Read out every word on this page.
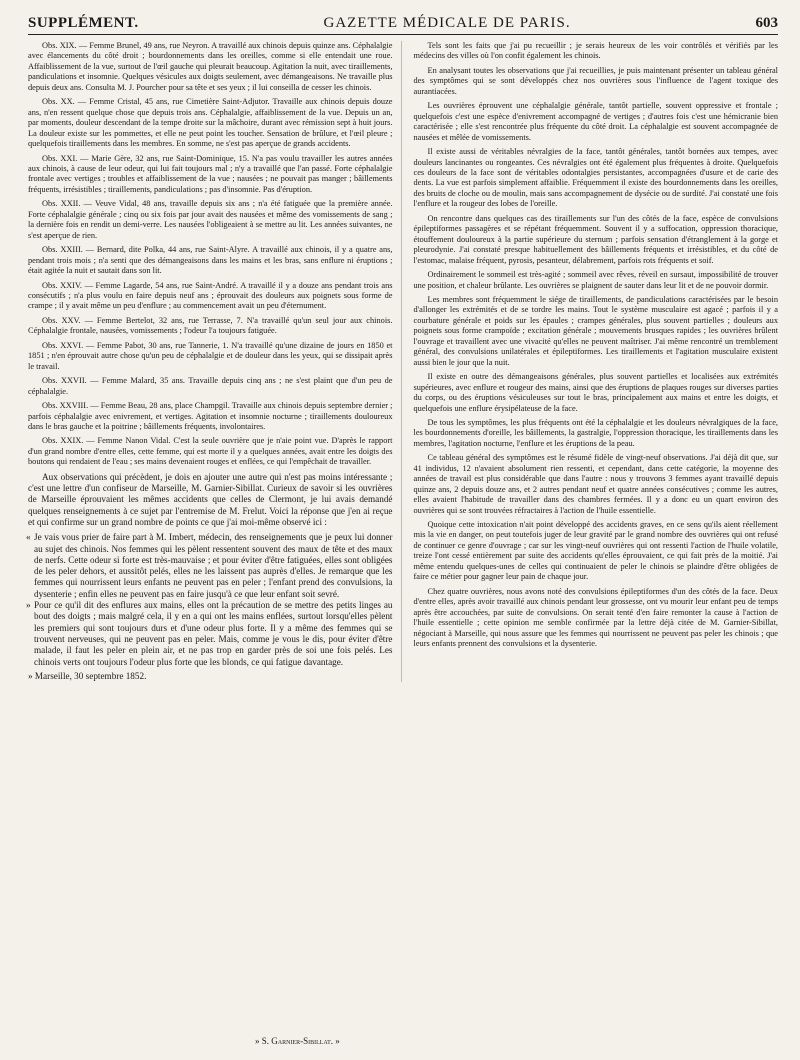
SUPPLÉMENT.	GAZETTE MÉDICALE DE PARIS.	603

Obs. XIX. — Femme Brunel, 49 ans, rue Neyron. A travaillé aux chinois depuis quinze ans. Céphalalgie avec élancements du côté droit ; bourdonnements dans les oreilles, comme si elle entendait une roue. Affaiblissement de la vue, surtout de l'œil gauche qui pleurait beaucoup. Agitation la nuit, avec tiraillements, pandiculations et insomnie. Quelques vésicules aux doigts seulement, avec démangeaisons. Ne travaille plus depuis deux ans. Consulta M. J. Pourcher pour sa tête et ses yeux ; il lui conseilla de cesser les chinois.

Obs. XX. — Femme Cristal, 45 ans, rue Cimetière Saint-Adjutor. Travaille aux chinois depuis douze ans, n'en ressent quelque chose que depuis trois ans. Céphalalgie, affaiblissement de la vue. Depuis un an, par moments, douleur descendant de la tempe droite sur la mâchoire, durant avec rémission sept à huit jours. La douleur existe sur les pommettes, et elle ne peut point les toucher. Sensation de brûlure, et l'œil pleure ; quelquefois tiraillements dans les membres. En somme, ne s'est pas aperçue de grands accidents.

Obs. XXI. — Marie Gère, 32 ans, rue Saint-Dominique, 15. N'a pas voulu travailler les autres années aux chinois, à cause de leur odeur, qui lui fait toujours mal ; n'y a travaillé que l'an passé. Forte céphalalgie frontale avec vertiges ; troubles et affaiblissement de la vue ; nausées ; ne pouvait pas manger ; bâillements fréquents, irrésistibles ; tiraillements, pandiculations ; pas d'insomnie. Pas d'éruption.

Obs. XXII. — Veuve Vidal, 48 ans, travaille depuis six ans ; n'a été fatiguée que la première année. Forte céphalalgie générale ; cinq ou six fois par jour avait des nausées et même des vomissements de sang ; la dernière fois en rendit un demi-verre. Les nausées l'obligeaient à se mettre au lit. Les années suivantes, ne s'est aperçue de rien.

Obs. XXIII. — Bernard, dite Polka, 44 ans, rue Saint-Alyre. A travaillé aux chinois, il y a quatre ans, pendant trois mois ; n'a senti que des démangeaisons dans les mains et les bras, sans enflure ni éruptions ; était agitée la nuit et sautait dans son lit.

Obs. XXIV. — Femme Lagarde, 54 ans, rue Saint-André. A travaillé il y a douze ans pendant trois ans consécutifs ; n'a plus voulu en faire depuis neuf ans ; éprouvait des douleurs aux poignets sous forme de crampe ; il y avait même un peu d'enflure ; au commencement avait un peu d'éternument.

Obs. XXV. — Femme Bertelot, 32 ans, rue Terrasse, 7. N'a travaillé qu'un seul jour aux chinois. Céphalalgie frontale, nausées, vomissements ; l'odeur l'a toujours fatiguée.

Obs. XXVI. — Femme Pabot, 30 ans, rue Tannerie, 1. N'a travaillé qu'une dizaine de jours en 1850 et 1851 ; n'en éprouvait autre chose qu'un peu de céphalalgie et de douleur dans les yeux, qui se dissipait après le travail.

Obs. XXVII. — Femme Malard, 35 ans. Travaille depuis cinq ans ; ne s'est plaint que d'un peu de céphalalgie.

Obs. XXVIII. — Femme Beau, 28 ans, place Champgil. Travaille aux chinois depuis septembre dernier ; parfois céphalalgie avec enivrement, et vertiges. Agitation et insomnie nocturne ; tiraillements douloureux dans le bras gauche et la poitrine ; bâillements fréquents, involontaires.

Obs. XXIX. — Femme Nanon Vidal. C'est la seule ouvrière que je n'aie point vue. D'après le rapport d'un grand nombre d'entre elles, cette femme, qui est morte il y a quelques années, avait entre les doigts des boutons qui rendaient de l'eau ; ses mains devenaient rouges et enflées, ce qui l'empêchait de travailler.

Aux observations qui précèdent, je dois en ajouter une autre qui n'est pas moins intéressante ; c'est une lettre d'un confiseur de Marseille, M. Garnier-Sibillat. Curieux de savoir si les ouvrières de Marseille éprouvaient les mêmes accidents que celles de Clermont, je lui avais demandé quelques renseignements à ce sujet par l'entremise de M. Frelut. Voici la réponse que j'en ai reçue et qui confirme sur un grand nombre de points ce que j'ai moi-même observé ici :

« Je vais vous prier de faire part à M. Imbert, médecin, des renseignements que je peux lui donner au sujet des chinois. Nos femmes qui les pèlent ressentent souvent des maux de tête et des maux de nerfs. Cette odeur si forte est très-mauvaise ; et pour éviter d'être fatiguées, elles sont obligées de les peler dehors, et aussitôt pelés, elles ne les laissent pas auprès d'elles. Je remarque que les femmes qui nourrissent leurs enfants ne peuvent pas en peler ; l'enfant prend des convulsions, la dysenterie ; enfin elles ne peuvent pas en faire jusqu'à ce que leur enfant soit sevré.

» Pour ce qu'il dit des enflures aux mains, elles ont la précaution de se mettre des petits linges au bout des doigts ; mais malgré cela, il y en a qui ont les mains enflées, surtout lorsqu'elles pèlent les premiers qui sont toujours durs et d'une odeur plus forte. Il y a même des femmes qui se trouvent nerveuses, qui ne peuvent pas en peler. Mais, comme je vous le dis, pour éviter d'être malade, il faut les peler en plein air, et ne pas trop en garder près de soi une fois pelés. Les chinois verts ont toujours l'odeur plus forte que les blonds, ce qui fatigue davantage.

» Marseille, 30 septembre 1852.

Tels sont les faits que j'ai pu recueillir ; je serais heureux de les voir contrôlés et vérifiés par les médecins des villes où l'on confit également les chinois.

En analysant toutes les observations que j'ai recueillies, je puis maintenant présenter un tableau général des symptômes qui se sont développés chez nos ouvrières sous l'influence de l'agent toxique des aurantiacées.

Les ouvrières éprouvent une céphalalgie générale, tantôt partielle, souvent oppressive et frontale ; quelquefois c'est une espèce d'enivrement accompagné de vertiges ; d'autres fois c'est une hémicranie bien caractérisée ; elle s'est rencontrée plus fréquente du côté droit. La céphalalgie est souvent accompagnée de nausées et mêlée de vomissements.

Il existe aussi de véritables névralgies de la face, tantôt générales, tantôt bornées aux tempes, avec douleurs lancinantes ou rongeantes. Ces névralgies ont été également plus fréquentes à droite. Quelquefois ces douleurs de la face sont de véritables odontalgies persistantes, accompagnées d'usure et de carie des dents. La vue est parfois simplement affaiblie. Fréquemment il existe des bourdonnements dans les oreilles, des bruits de cloche ou de moulin, mais sans accompagnement de dysécie ou de surdité. J'ai constaté une fois l'enflure et la rougeur des lobes de l'oreille.

On rencontre dans quelques cas des tiraillements sur l'un des côtés de la face, espèce de convulsions épileptiformes passagères et se répétant fréquemment. Souvent il y a suffocation, oppression thoracique, étouffement douloureux à la partie supérieure du sternum ; parfois sensation d'étranglement à la gorge et pleurodynie. J'ai constaté presque habituellement des bâillements fréquents et irrésistibles, et du côté de l'estomac, malaise fréquent, pyrosis, pesanteur, délabrement, parfois rots fréquents et soif.

Ordinairement le sommeil est très-agité ; sommeil avec rêves, réveil en sursaut, impossibilité de trouver une position, et chaleur brûlante. Les ouvrières se plaignent de sauter dans leur lit et de ne pouvoir dormir.

Les membres sont fréquemment le siége de tiraillements, de pandiculations caractérisées par le besoin d'allonger les extrémités et de se tordre les mains. Tout le système musculaire est agacé ; parfois il y a courbature générale et poids sur les épaules ; crampes générales, plus souvent partielles ; douleurs aux poignets sous forme crampoïde ; excitation générale ; mouvements brusques rapides ; les ouvrières brûlent l'ouvrage et travaillent avec une vivacité qu'elles ne peuvent maîtriser. J'ai même rencontré un tremblement général, des convulsions unilatérales et épileptiformes. Les tiraillements et l'agitation musculaire existent aussi bien le jour que la nuit.

Il existe en outre des démangeaisons générales, plus souvent partielles et localisées aux extrémités supérieures, avec enflure et rougeur des mains, ainsi que des éruptions de plaques rouges sur diverses parties du corps, ou des éruptions vésiculeuses sur tout le bras, principalement aux mains et entre les doigts, et quelquefois une enflure érysipélateuse de la face.

De tous les symptômes, les plus fréquents ont été la céphalalgie et les douleurs névralgiques de la face, les bourdonnements d'oreille, les bâillements, la gastralgie, l'oppression thoracique, les tiraillements dans les membres, l'agitation nocturne, l'enflure et les éruptions de la peau.

Ce tableau général des symptômes est le résumé fidèle de vingt-neuf observations. J'ai déjà dit que, sur 41 individus, 12 n'avaient absolument rien ressenti, et cependant, dans cette catégorie, la moyenne des années de travail est plus considérable que dans l'autre : nous y trouvons 3 femmes ayant travaillé depuis quinze ans, 2 depuis douze ans, et 2 autres pendant neuf et quatre années consécutives ; comme les autres, elles avaient l'habitude de travailler dans des chambres fermées. Il y a donc eu un quart environ des ouvrières qui se sont trouvées réfractaires à l'action de l'huile essentielle.

Quoique cette intoxication n'ait point développé des accidents graves, en ce sens qu'ils aient réellement mis la vie en danger, on peut toutefois juger de leur gravité par le grand nombre des ouvrières qui ont refusé de continuer ce genre d'ouvrage ; car sur les vingt-neuf ouvrières qui ont ressenti l'action de l'huile volatile, treize l'ont cessé entièrement par suite des accidents qu'elles éprouvaient, ce qui fait près de la moitié. J'ai même entendu quelques-unes de celles qui continuaient de peler le chinois se plaindre d'être obligées de faire ce métier pour gagner leur pain de chaque jour.

Chez quatre ouvrières, nous avons noté des convulsions épileptiformes d'un des côtés de la face. Deux d'entre elles, après avoir travaillé aux chinois pendant leur grossesse, ont vu mourir leur enfant peu de temps après être accouchées, par suite de convulsions. On serait tenté d'en faire remonter la cause à l'action de l'huile essentielle ; cette opinion me semble confirmée par la lettre déjà citée de M. Garnier-Sibillat, négociant à Marseille, qui nous assure que les femmes qui nourrissent ne peuvent pas peler les chinois ; que leurs enfants prennent des convulsions et la dysenterie.

» S. Garnier-Sibillat. »
